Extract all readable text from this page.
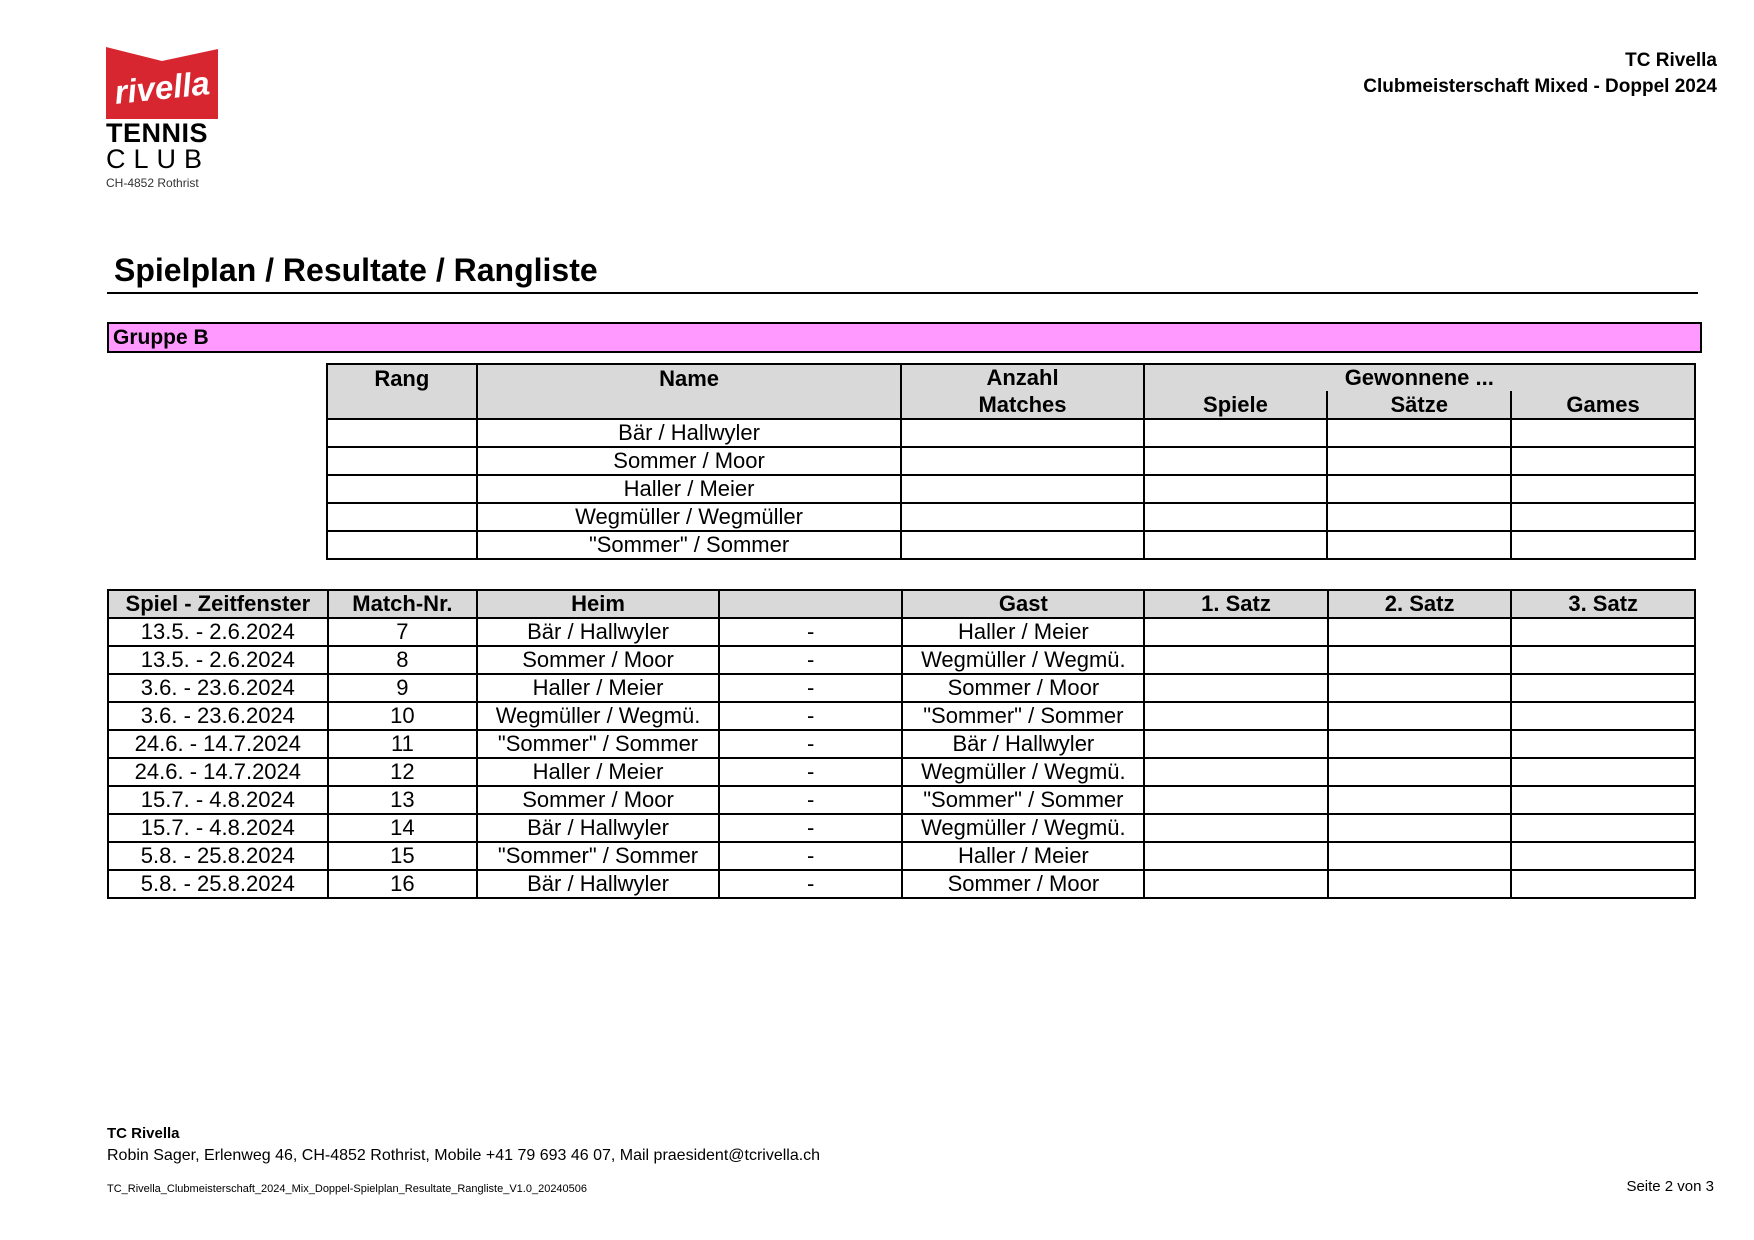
rivella
TENNIS
CLUB
CH-4852 Rothrist
TC Rivella
Clubmeisterschaft Mixed - Doppel 2024
Spielplan / Resultate / Rangliste
Gruppe B
Rang	Name	Anzahl	Gewonnene ...		
		Matches	Spiele	Sätze	Games
	Bär / Hallwyler				
	Sommer / Moor				
	Haller / Meier				
	Wegmüller / Wegmüller				
	"Sommer" / Sommer				
Spiel - Zeitfenster	Match-Nr.	Heim		Gast	1. Satz	2. Satz	3. Satz
13.5. - 2.6.2024	7	Bär / Hallwyler	-	Haller / Meier			
13.5. - 2.6.2024	8	Sommer / Moor	-	Wegmüller / Wegmü.			
3.6. - 23.6.2024	9	Haller / Meier	-	Sommer / Moor			
3.6. - 23.6.2024	10	Wegmüller / Wegmü.	-	"Sommer" / Sommer			
24.6. - 14.7.2024	11	"Sommer" / Sommer	-	Bär / Hallwyler			
24.6. - 14.7.2024	12	Haller / Meier	-	Wegmüller / Wegmü.			
15.7. - 4.8.2024	13	Sommer / Moor	-	"Sommer" / Sommer			
15.7. - 4.8.2024	14	Bär / Hallwyler	-	Wegmüller / Wegmü.			
5.8. - 25.8.2024	15	"Sommer" / Sommer	-	Haller / Meier			
5.8. - 25.8.2024	16	Bär / Hallwyler	-	Sommer / Moor			
TC Rivella
Robin Sager, Erlenweg 46, CH-4852 Rothrist, Mobile +41 79 693 46 07, Mail praesident@tcrivella.ch
TC_Rivella_Clubmeisterschaft_2024_Mix_Doppel-Spielplan_Resultate_Rangliste_V1.0_20240506	Seite 2 von 3
